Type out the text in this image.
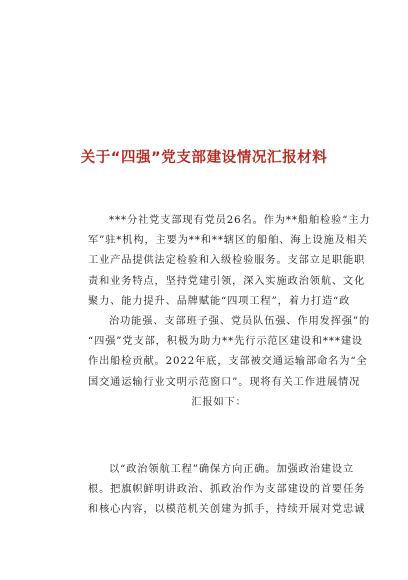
关于“四强”党支部建设情况汇报材料
***分社党支部现有党员26名。作为**船舶检验“主力
军”驻*机构，主要为**和**辖区的船舶、海上设施及相关
工业产品提供法定检验和入级检验服务。支部立足职能职
责和业务特点，坚持党建引领，深入实施政治领航、文化
聚力、能力提升、品牌赋能“四项工程”，着力打造“政
治功能强、支部班子强、党员队伍强、作用发挥强”的
“四强”党支部，积极为助力**先行示范区建设和***建设
作出船检贡献。2022年底，支部被交通运输部命名为“全
国交通运输行业文明示范窗口”。现将有关工作进展情况
汇报如下：
以“政治领航工程”确保方向正确。加强政治建设立
根。把旗帜鲜明讲政治、抓政治作为支部建设的首要任务
和核心内容，以模范机关创建为抓手，持续开展对党忠诚
